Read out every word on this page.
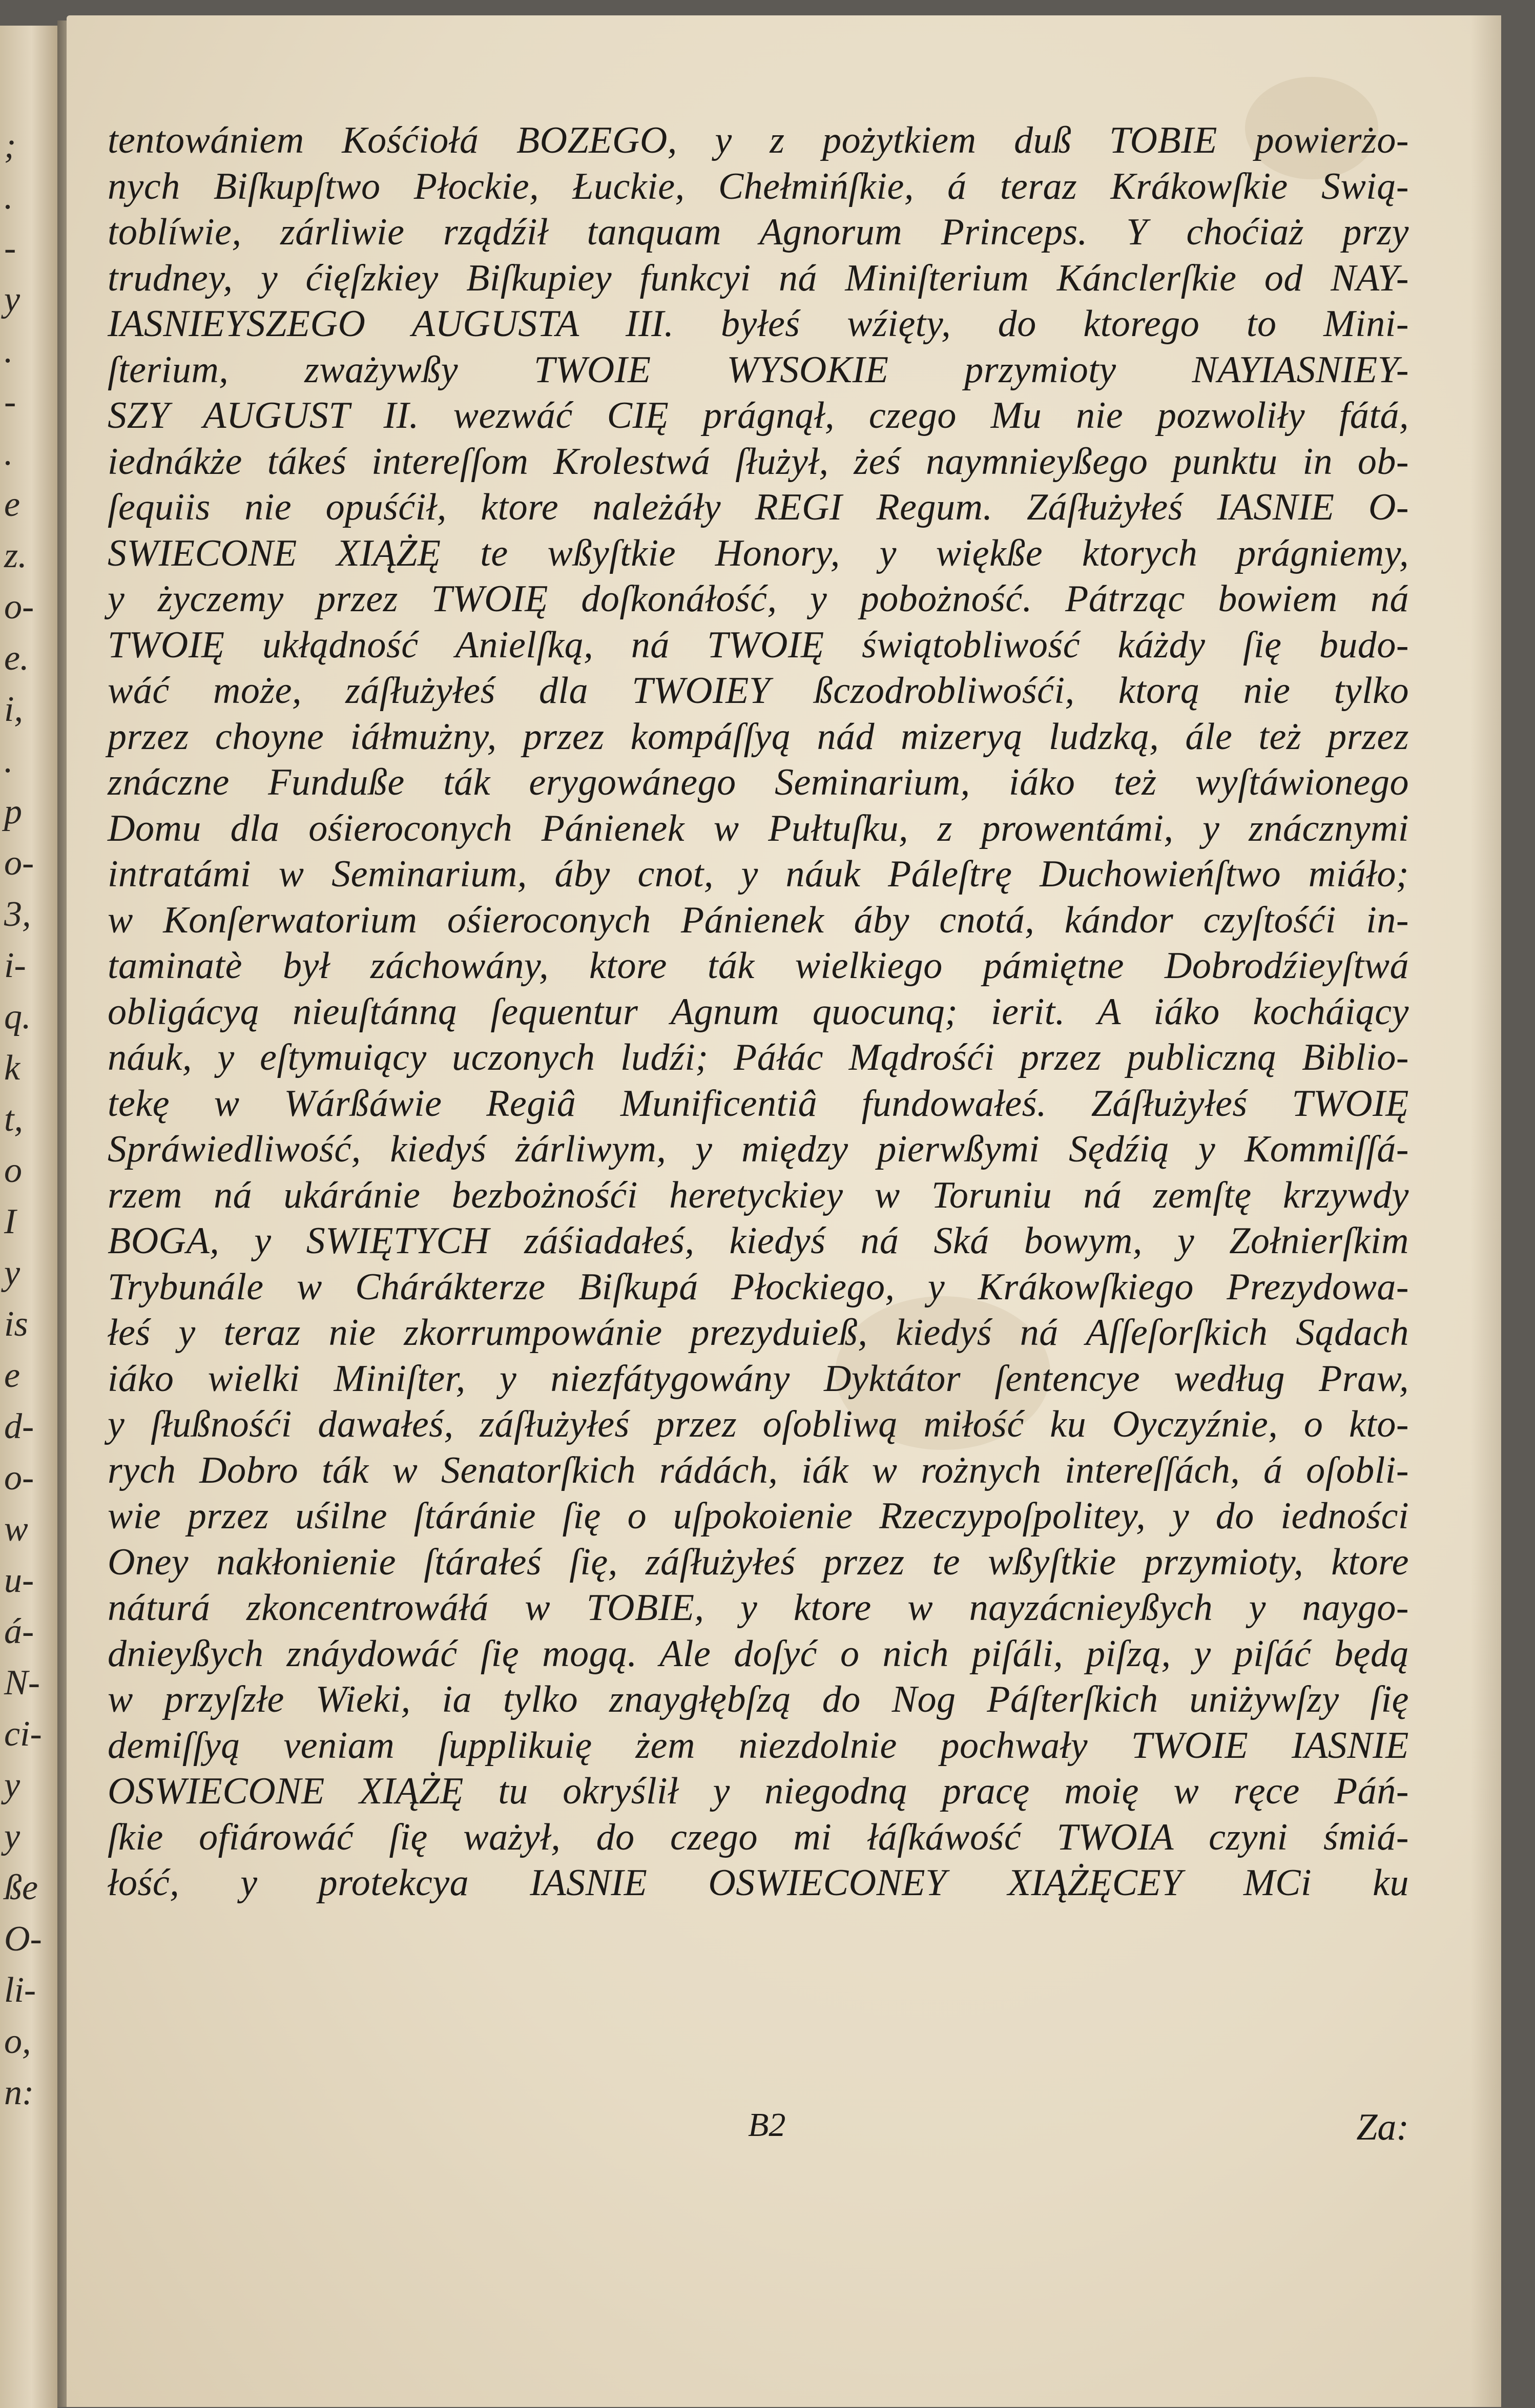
;
.
-
y
.
-
.
e
z.
o-
e.
i,
.
p
o-
3,
i-
q.
k
t,
o
I
y
is
e
d-
o-
w
u-
á-
N-
ci-
y
y
ße
O-
li-
o,
n:
tentowániem Kośćiołá BOZEGO, y z pożytkiem duß TOBIE powierżo-
nych Biſkupſtwo Płockie, Łuckie, Chełmińſkie, á teraz Krákowſkie Swią-
toblíwie, zárliwie rządźił tanquam Agnorum Princeps. Y choćiaż przy
trudney, y ćięſzkiey Biſkupiey funkcyi ná Miniſterium Kánclerſkie od NAY-
IASNIEYSZEGO AUGUSTA III. byłeś wźięty, do ktorego to Mini-
ſterium, zważywßy TWOIE WYSOKIE przymioty NAYIASNIEY-
SZY AUGUST II. wezwáć CIĘ prágnął, czego Mu nie pozwoliły fátá,
iednákże tákeś intereſſom Krolestwá ſłużył, żeś naymnieyßego punktu in ob-
ſequiis nie opuśćił, ktore należáły REGI Regum. Záſłużyłeś IASNIE O-
SWIECONE XIĄŻĘ te wßyſtkie Honory, y więkße ktorych prágniemy,
y życzemy przez TWOIĘ doſkonáłość, y pobożność. Pátrząc bowiem ná
TWOIĘ ukłądność Anielſką, ná TWOIĘ świątobliwość káżdy ſię budo-
wáć może, záſłużyłeś dla TWOIEY ßczodrobliwośći, ktorą nie tylko
przez choyne iáłmużny, przez kompáſſyą nád mizeryą ludzką, ále też przez
znáczne Funduße ták erygowánego Seminarium, iáko też wyſtáwionego
Domu dla ośieroconych Pánienek w Pułtuſku, z prowentámi, y znácznymi
intratámi w Seminarium, áby cnot, y náuk Páleſtrę Duchowieńſtwo miáło;
w Konſerwatorium ośieroconych Pánienek áby cnotá, kándor czyſtośći in-
taminatè był záchowány, ktore ták wielkiego pámiętne Dobrodźieyſtwá
obligácyą nieuſtánną ſequentur Agnum quocunq; ierit. A iáko kocháiący
náuk, y eſtymuiący uczonych ludźi; Páłác Mądrośći przez publiczną Biblio-
tekę w Wárßáwie Regiâ Munificentiâ fundowałeś. Záſłużyłeś TWOIĘ
Spráwiedliwość, kiedyś żárliwym, y między pierwßymi Sędźią y Kommiſſá-
rzem ná ukáránie bezbożnośći heretyckiey w Toruniu ná zemſtę krzywdy
BOGA, y SWIĘTYCH záśiadałeś, kiedyś ná Ská bowym, y Zołnierſkim
Trybunále w Chárákterze Biſkupá Płockiego, y Krákowſkiego Prezydowa-
łeś y teraz nie zkorrumpowánie prezyduieß, kiedyś ná Aſſeſorſkich Sądach
iáko wielki Miniſter, y niezfátygowány Dyktátor ſentencye według Praw,
y ſłußnośći dawałeś, záſłużyłeś przez oſobliwą miłość ku Oyczyźnie, o kto-
rych Dobro ták w Senatorſkich rádách, iák w rożnych intereſſách, á oſobli-
wie przez uśilne ſtáránie ſię o uſpokoienie Rzeczypoſpolitey, y do iedności
Oney nakłonienie ſtárałeś ſię, záſłużyłeś przez te wßyſtkie przymioty, ktore
náturá zkoncentrowáłá w TOBIE, y ktore w nayzácnieyßych y naygo-
dnieyßych znáydowáć ſię mogą. Ale doſyć o nich piſáli, piſzą, y piſáć będą
w przyſzłe Wieki, ia tylko znaygłębſzą do Nog Páſterſkich uniżywſzy ſię
demiſſyą veniam ſupplikuię żem niezdolnie pochwały TWOIE IASNIE
OSWIECONE XIĄŻĘ tu okryślił y niegodną pracę moię w ręce Páń-
ſkie ofiárowáć ſię ważył, do czego mi łáſkáwość TWOIA czyni śmiá-
łość, y protekcya IASNIE OSWIECONEY XIĄŻĘCEY MCi ku
B2	Za:
